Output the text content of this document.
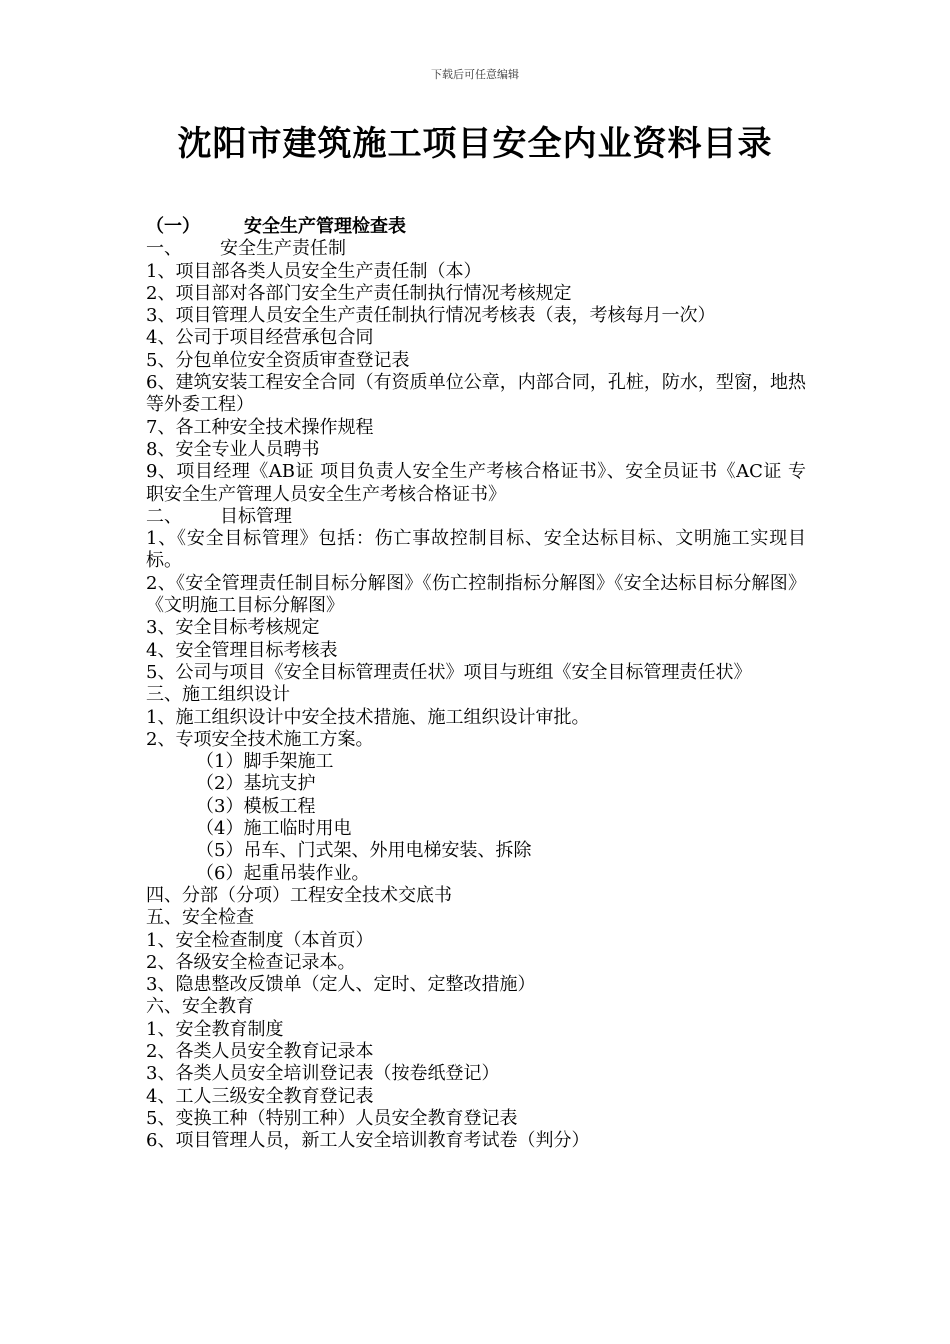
下载后可任意编辑
沈阳市建筑施工项目安全内业资料目录
（一） 安全生产管理检查表
一、 安全生产责任制
1、项目部各类人员安全生产责任制（本）
2、项目部对各部门安全生产责任制执行情况考核规定
3、项目管理人员安全生产责任制执行情况考核表（表，考核每月一次）
4、公司于项目经营承包合同
5、分包单位安全资质审查登记表
6、建筑安装工程安全合同（有资质单位公章，内部合同，孔桩，防水，型窗，地热等外委工程）
7、各工种安全技术操作规程
8、安全专业人员聘书
9、项目经理《AB证 项目负责人安全生产考核合格证书》、安全员证书《AC证 专职安全生产管理人员安全生产考核合格证书》
二、 目标管理
1、《安全目标管理》包括：伤亡事故控制目标、安全达标目标、文明施工实现目标。
2、《安全管理责任制目标分解图》《伤亡控制指标分解图》《安全达标目标分解图》《文明施工目标分解图》
3、安全目标考核规定
4、安全管理目标考核表
5、公司与项目《安全目标管理责任状》项目与班组《安全目标管理责任状》
三、施工组织设计
1、施工组织设计中安全技术措施、施工组织设计审批。
2、专项安全技术施工方案。
（1）脚手架施工
（2）基坑支护
（3）模板工程
（4）施工临时用电
（5）吊车、门式架、外用电梯安装、拆除
（6）起重吊装作业。
四、分部（分项）工程安全技术交底书
五、安全检查
1、安全检查制度（本首页）
2、各级安全检查记录本。
3、隐患整改反馈单（定人、定时、定整改措施）
六、安全教育
1、安全教育制度
2、各类人员安全教育记录本
3、各类人员安全培训登记表（按卷纸登记）
4、工人三级安全教育登记表
5、变换工种（特别工种）人员安全教育登记表
6、项目管理人员，新工人安全培训教育考试卷（判分）
